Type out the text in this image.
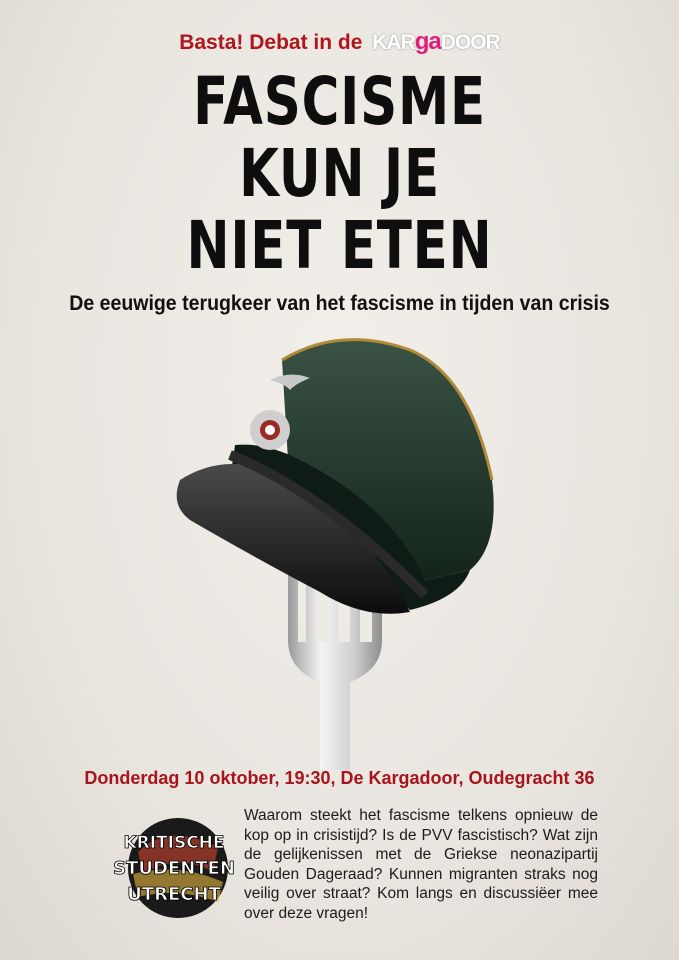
Basta! Debat in de KARgaDOOR
FASCISME
KUN JE
NIET ETEN
De eeuwige terugkeer van het fascisme in tijden van crisis
Donderdag 10 oktober, 19:30, De Kargadoor, Oudegracht 36
KRITISCHE
STUDENTEN
UTRECHT
Waarom steekt het fascisme telkens opnieuw de kop op in crisistijd? Is de PVV fascistisch? Wat zijn de gelijkenissen met de Griekse neonazipartij Gouden Dageraad? Kunnen migranten straks nog veilig over straat? Kom langs en discussiëer mee over deze vragen!
